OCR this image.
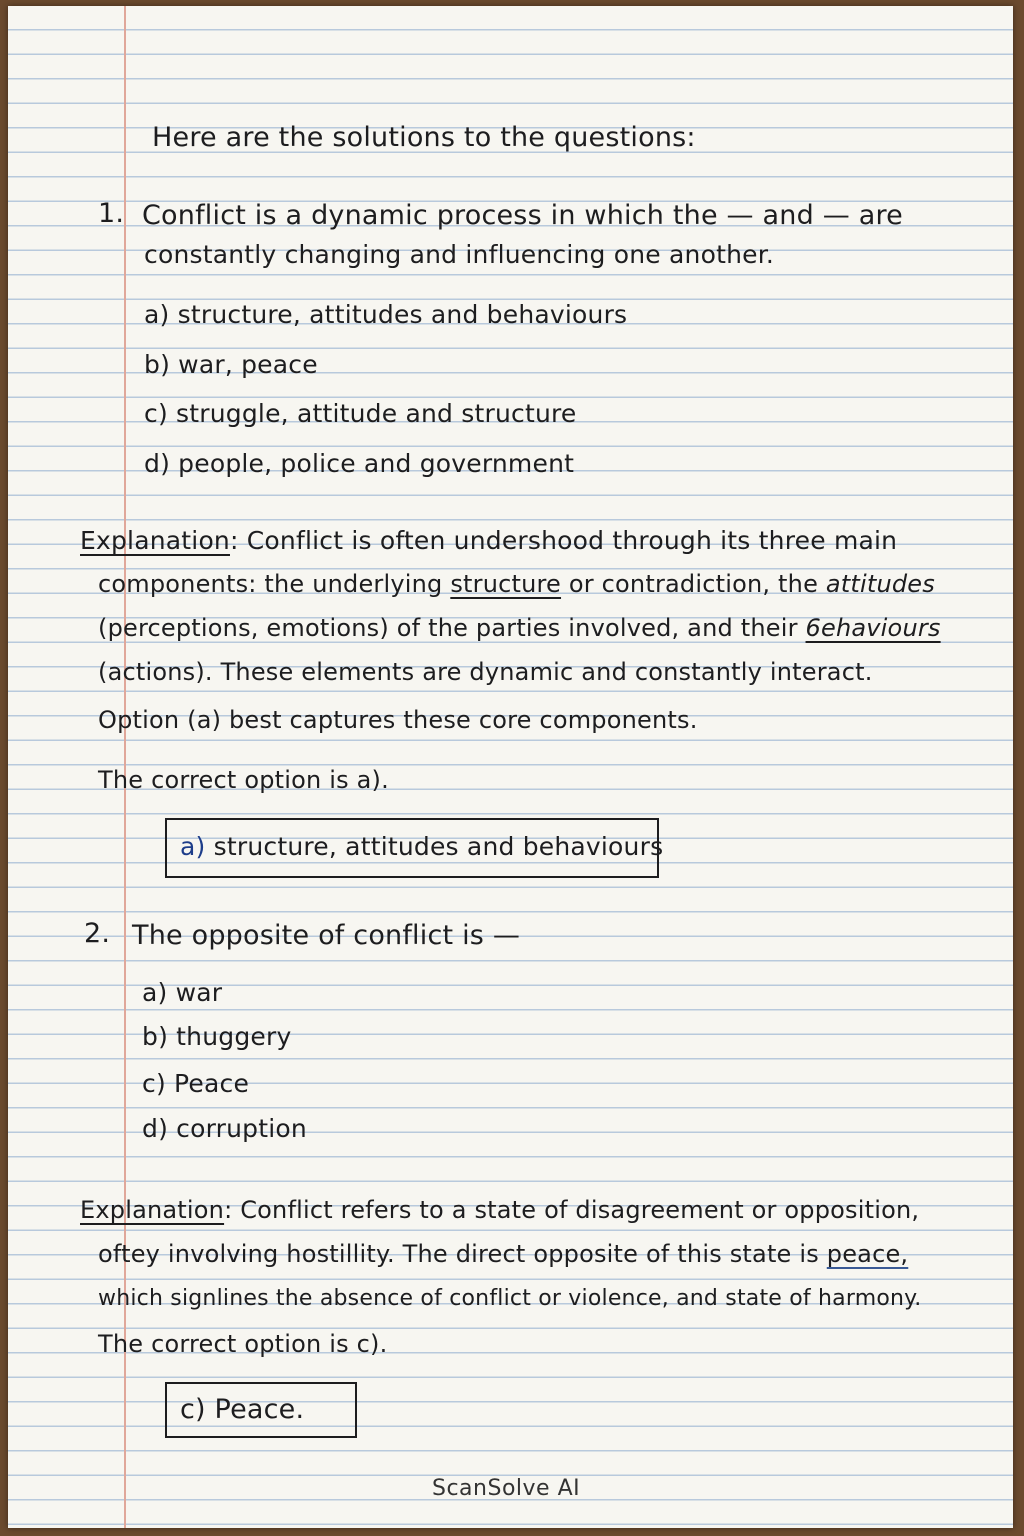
Here are the solutions to the questions:
1. Conflict is a dynamic process in which the — and — are
constantly changing and influencing one another.
a) structure, attitudes and behaviours
b) war, peace
c) struggle, attitude and structure
d) people, police and government
Explanation: Conflict is often undershood through its three main
components: the underlying structure or contradiction, the attitudes
(perceptions, emotions) of the parties involved, and their 6ehaviours
(actions). These elements are dynamic and constantly interact.
Option (a) best captures these core components.
The correct option is a).
a) structure, attitudes and behaviours
2. The opposite of conflict is —
a) war
b) thuggery
c) Peace
d) corruption
Explanation: Conflict refers to a state of disagreement or opposition,
oftey involving hostillity. The direct opposite of this state is peace,
which signlines the absence of conflict or violence, and state of harmony.
The correct option is c).
c) Peace.
ScanSolve AI
